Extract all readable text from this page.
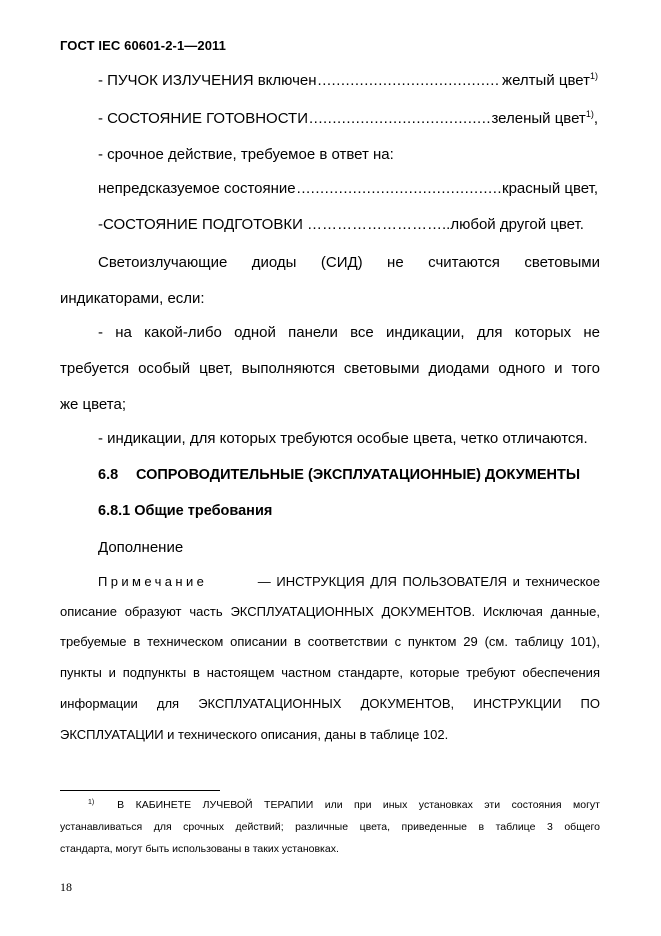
ГОСТ IEC 60601-2-1—2011
- ПУЧОК ИЗЛУЧЕНИЯ включен .....	желтый цвет$^{1)}$
- СОСТОЯНИЕ ГОТОВНОСТИ .....	зеленый цвет$^{1)}$,
- срочное действие, требуемое в ответ на:
непредсказуемое состояние .....	красный цвет,
-СОСТОЯНИЕ ПОДГОТОВКИ ………………………..любой другой цвет.
Светоизлучающие диоды (СИД) не считаются световыми
индикаторами, если:
- на какой-либо одной панели все индикации, для которых не
требуется особый цвет, выполняются световыми диодами одного и того
же цвета;
- индикации, для которых требуются особые цвета, четко отличаются.
6.8 СОПРОВОДИТЕЛЬНЫЕ (ЭКСПЛУАТАЦИОННЫЕ) ДОКУМЕНТЫ
6.8.1 Общие требования
Дополнение
Примечание	— ИНСТРУКЦИЯ ДЛЯ ПОЛЬЗОВАТЕЛЯ и техническое
описание образуют часть ЭКСПЛУАТАЦИОННЫХ ДОКУМЕНТОВ. Исключая данные,
требуемые в техническом описании в соответствии с пунктом 29 (см. таблицу 101),
пункты и подпункты в настоящем частном стандарте, которые требуют обеспечения
информации для ЭКСПЛУАТАЦИОННЫХ ДОКУМЕНТОВ, ИНСТРУКЦИИ ПО
ЭКСПЛУАТАЦИИ и технического описания, даны в таблице 102.
$^{1)}$ В КАБИНЕТЕ ЛУЧЕВОЙ ТЕРАПИИ или при иных установках эти состояния могут
устанавливаться для срочных действий; различные цвета, приведенные в таблице 3 общего
стандарта, могут быть использованы в таких установках.
18
